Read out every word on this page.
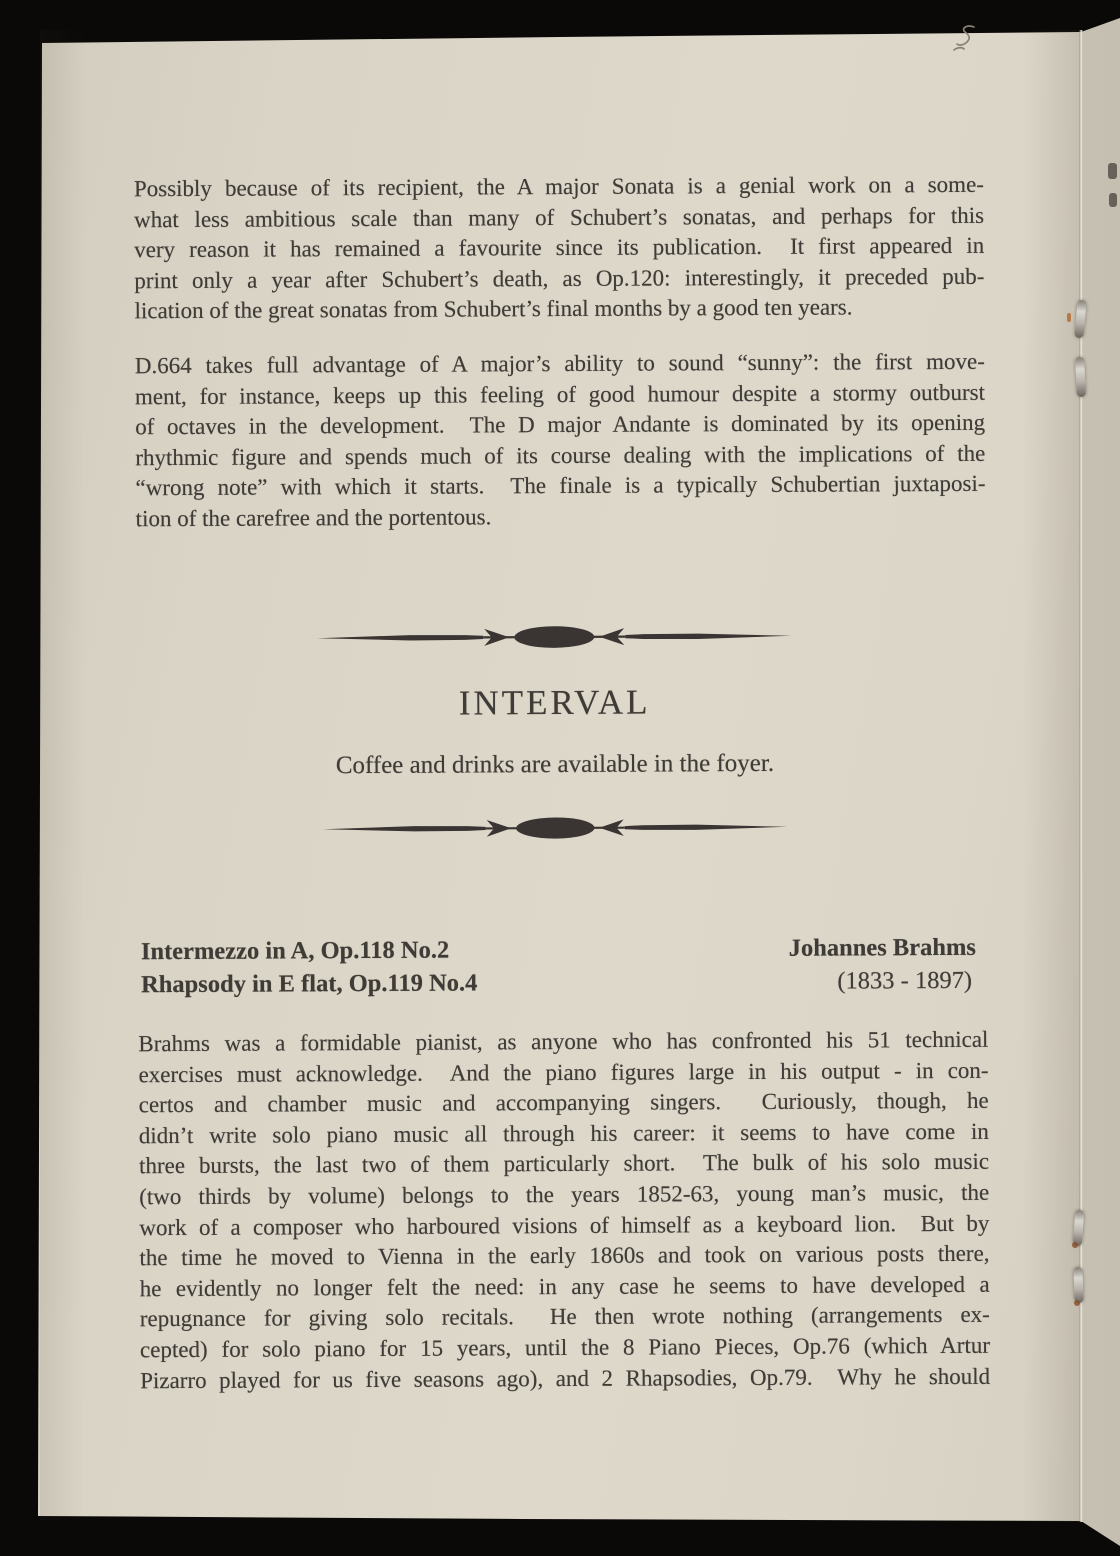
Possibly because of its recipient, the A major Sonata is a genial work on a some-
what less ambitious scale than many of Schubert’s sonatas, and perhaps for this
very reason it has remained a favourite since its publication.  It first appeared in
print only a year after Schubert’s death, as Op.120: interestingly, it preceded pub-
lication of the great sonatas from Schubert’s final months by a good ten years.
D.664 takes full advantage of A major’s ability to sound “sunny”: the first move-
ment, for instance, keeps up this feeling of good humour despite a stormy outburst
of octaves in the development.  The D major Andante is dominated by its opening
rhythmic figure and spends much of its course dealing with the implications of the
“wrong note” with which it starts.  The finale is a typically Schubertian juxtaposi-
tion of the carefree and the portentous.
INTERVAL
Coffee and drinks are available in the foyer.
Intermezzo in A, Op.118 No.2
Rhapsody in E flat, Op.119 No.4
Johannes Brahms
(1833 - 1897)
Brahms was a formidable pianist, as anyone who has confronted his 51 technical
exercises must acknowledge.  And the piano figures large in his output - in con-
certos and chamber music and accompanying singers.  Curiously, though, he
didn’t write solo piano music all through his career: it seems to have come in
three bursts, the last two of them particularly short.  The bulk of his solo music
(two thirds by volume) belongs to the years 1852-63, young man’s music, the
work of a composer who harboured visions of himself as a keyboard lion.  But by
the time he moved to Vienna in the early 1860s and took on various posts there,
he evidently no longer felt the need: in any case he seems to have developed a
repugnance for giving solo recitals.  He then wrote nothing (arrangements ex-
cepted) for solo piano for 15 years, until the 8 Piano Pieces, Op.76 (which Artur
Pizarro played for us five seasons ago), and 2 Rhapsodies, Op.79.  Why he should
